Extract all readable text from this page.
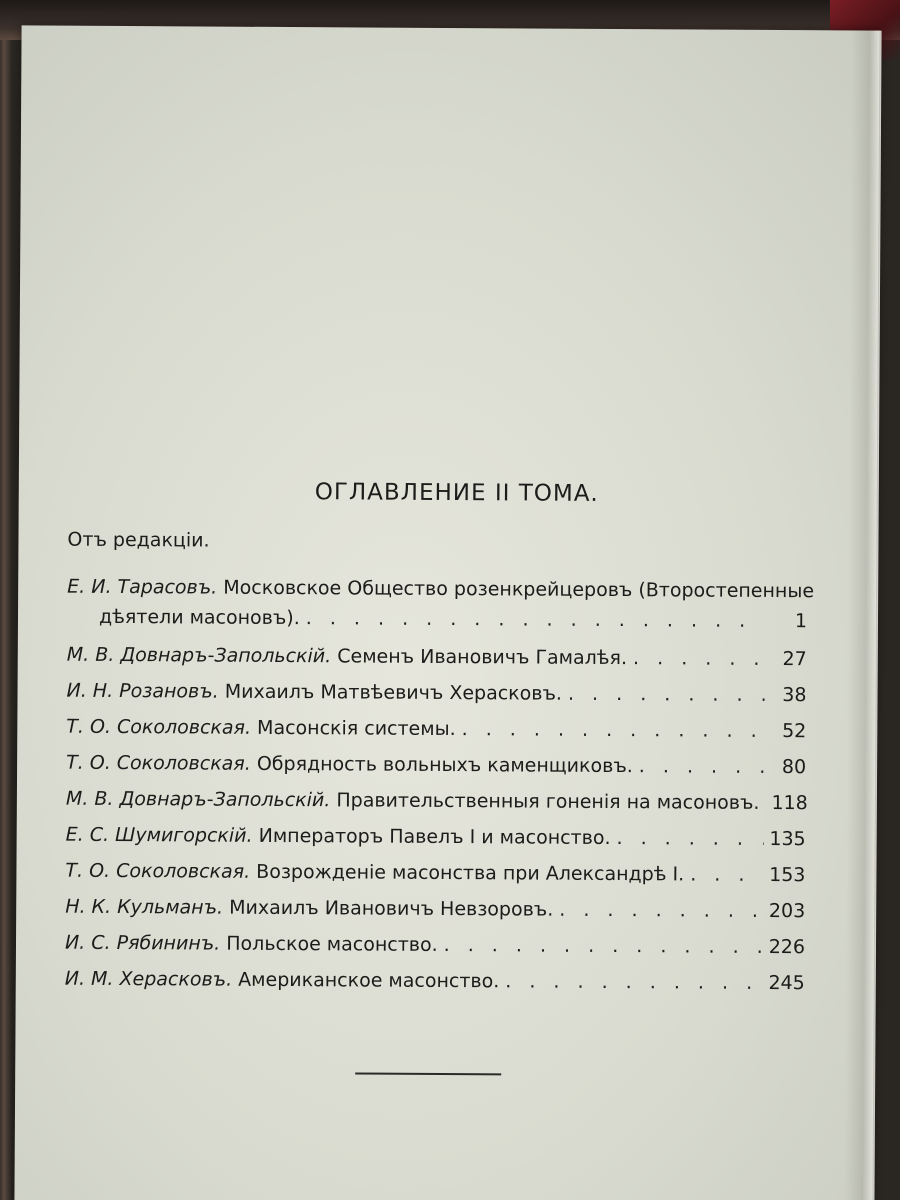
ОГЛАВЛЕНИЕ II ТОМА.
Отъ редакціи.
Е. И. Тарасовъ.
Московское Общество розенкрейцеровъ (Второстепенные
дѣятели масоновъ). . . .	1
М. В. Довнаръ-Запольскій.
Семенъ Ивановичъ Гамалѣя. . . .	27
И. Н. Розановъ.
Михаилъ Матвѣевичъ Херасковъ. . . .	38
Т. О. Соколовская.
Масонскія системы. . . .	52
Т. О. Соколовская.
Обрядность вольныхъ каменщиковъ. . . .	80
М. В. Довнаръ-Запольскій.
Правительственныя гоненія на масоновъ. . . . 118
Е. С. Шумигорскій.
Императоръ Павелъ I и масонство. . . .	135
Т. О. Соколовская.
Возрожденіе масонства при Александрѣ I. . . .	153
Н. К. Кульманъ.
Михаилъ Ивановичъ Невзоровъ. . . .	203
И. С. Рябининъ.
Польское масонство. . . .	226
И. М. Херасковъ.
Американское масонство. . . .	245
